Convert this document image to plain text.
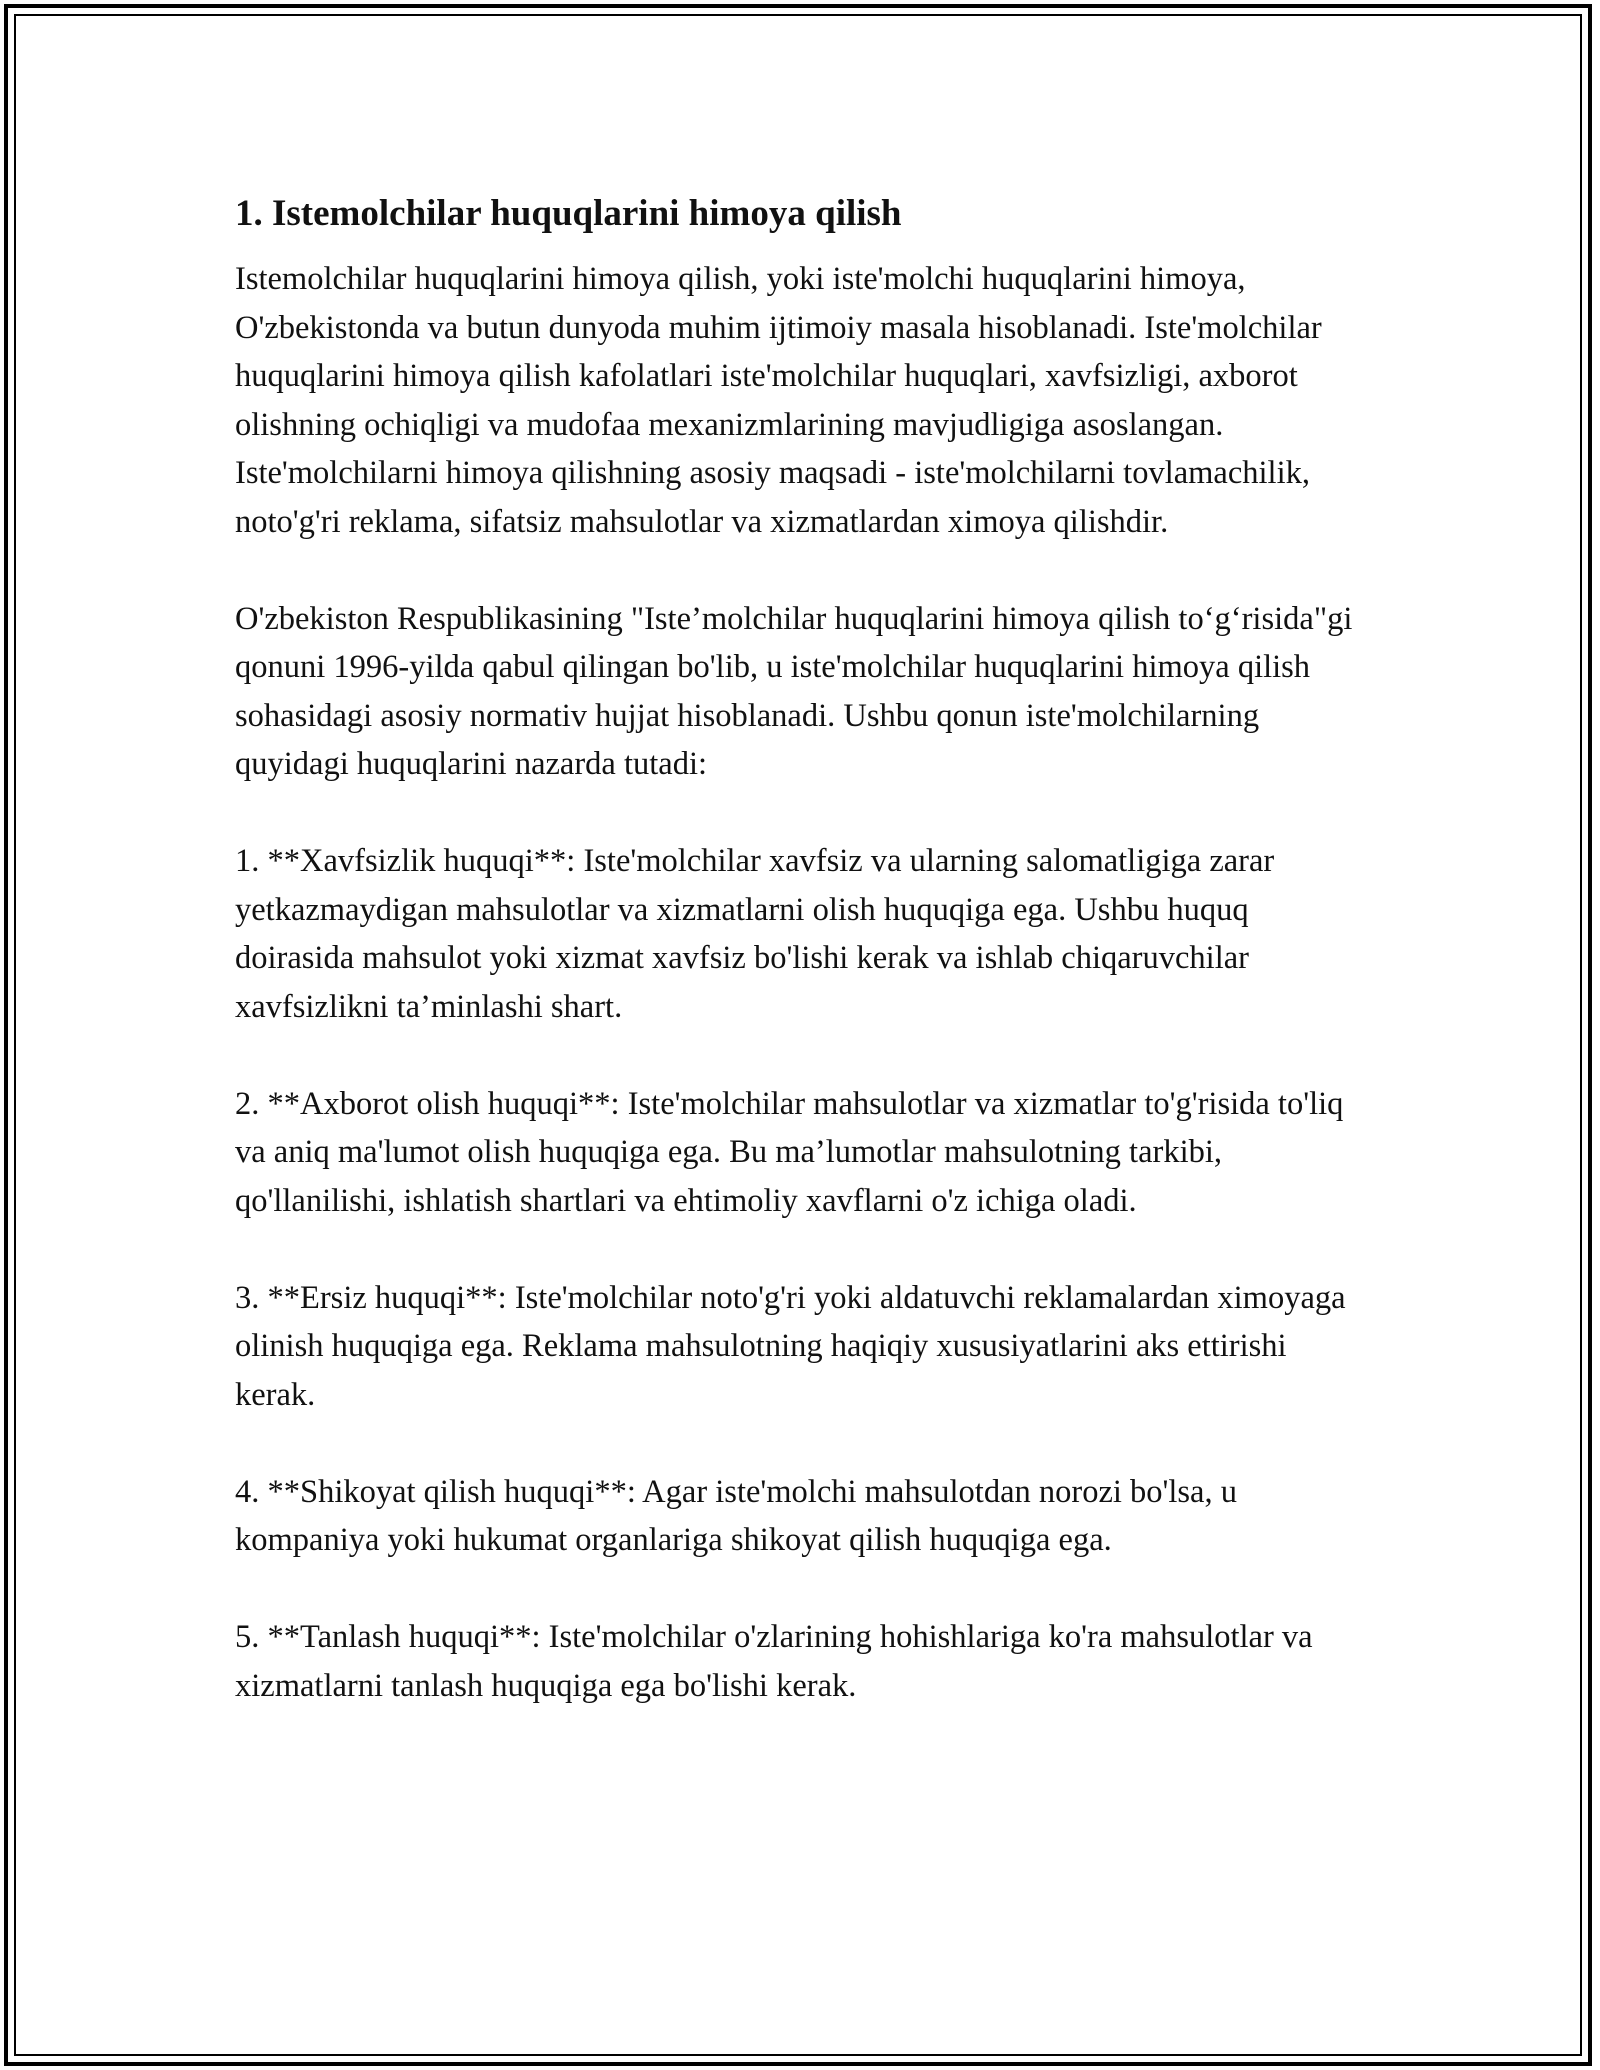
1. Istemolchilar huquqlarini himoya qilish

Istemolchilar huquqlarini himoya qilish, yoki iste'molchi huquqlarini himoya, O'zbekistonda va butun dunyoda muhim ijtimoiy masala hisoblanadi. Iste'molchilar huquqlarini himoya qilish kafolatlari iste'molchilar huquqlari, xavfsizligi, axborot olishning ochiqligi va mudofaa mexanizmlarining mavjudligiga asoslangan. Iste'molchilarni himoya qilishning asosiy maqsadi - iste'molchilarni tovlamachilik, noto'g'ri reklama, sifatsiz mahsulotlar va xizmatlardan ximoya qilishdir.

O'zbekiston Respublikasining "Iste’molchilar huquqlarini himoya qilish to‘g‘risida"gi qonuni 1996-yilda qabul qilingan bo'lib, u iste'molchilar huquqlarini himoya qilish sohasidagi asosiy normativ hujjat hisoblanadi. Ushbu qonun iste'molchilarning quyidagi huquqlarini nazarda tutadi:

1. **Xavfsizlik huquqi**: Iste'molchilar xavfsiz va ularning salomatligiga zarar yetkazmaydigan mahsulotlar va xizmatlarni olish huquqiga ega. Ushbu huquq doirasida mahsulot yoki xizmat xavfsiz bo'lishi kerak va ishlab chiqaruvchilar xavfsizlikni ta’minlashi shart.

2. **Axborot olish huquqi**: Iste'molchilar mahsulotlar va xizmatlar to'g'risida to'liq va aniq ma'lumot olish huquqiga ega. Bu ma’lumotlar mahsulotning tarkibi, qo'llanilishi, ishlatish shartlari va ehtimoliy xavflarni o'z ichiga oladi.

3. **Ersiz huquqi**: Iste'molchilar noto'g'ri yoki aldatuvchi reklamalardan ximoyaga olinish huquqiga ega. Reklama mahsulotning haqiqiy xususiyatlarini aks ettirishi kerak.

4. **Shikoyat qilish huquqi**: Agar iste'molchi mahsulotdan norozi bo'lsa, u kompaniya yoki hukumat organlariga shikoyat qilish huquqiga ega.

5. **Tanlash huquqi**: Iste'molchilar o'zlarining hohishlariga ko'ra mahsulotlar va xizmatlarni tanlash huquqiga ega bo'lishi kerak.
